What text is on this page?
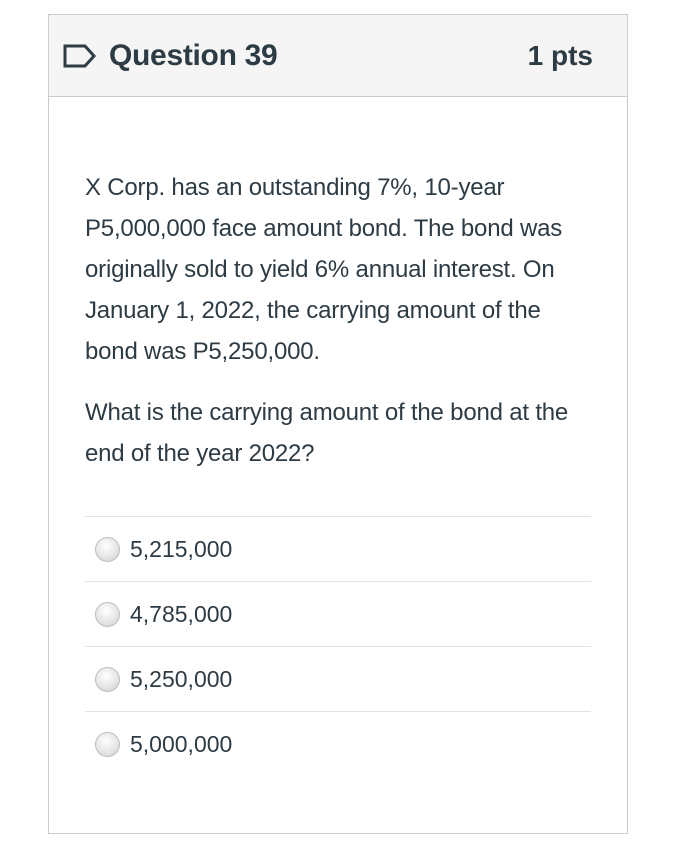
Question 39	1 pts

X Corp. has an outstanding 7%, 10-year P5,000,000 face amount bond. The bond was originally sold to yield 6% annual interest. On January 1, 2022, the carrying amount of the bond was P5,250,000.

What is the carrying amount of the bond at the end of the year 2022?

5,215,000
4,785,000
5,250,000
5,000,000
